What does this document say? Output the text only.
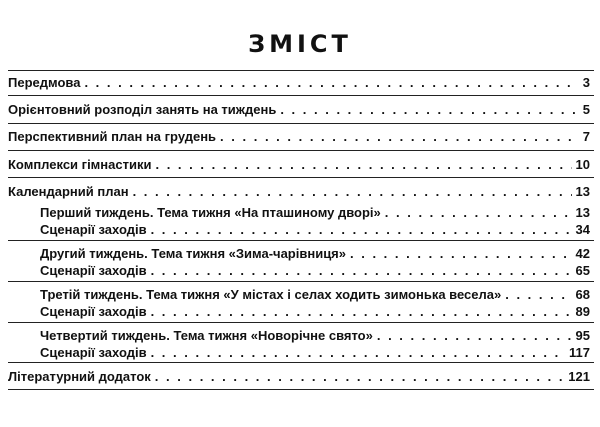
ЗМІСТ
Передмова . . .	3
Орієнтовний розподіл занять на тиждень . . .	5
Перспективний план на грудень . . .	7
Комплекси гімнастики . . .	10
Календарний план . . .	13
Перший тиждень. Тема тижня «На пташиному дворі» . . .	13
Сценарії заходів . . .	34
Другий тиждень. Тема тижня «Зима-чарівниця» . . .	42
Сценарії заходів . . .	65
Третій тиждень. Тема тижня «У містах і селах ходить зимонька весела» . . .	68
Сценарії заходів . . .	89
Четвертий тиждень. Тема тижня «Новорічне свято» . . .	95
Сценарії заходів . . .	117
Літературний додаток . . .	121
